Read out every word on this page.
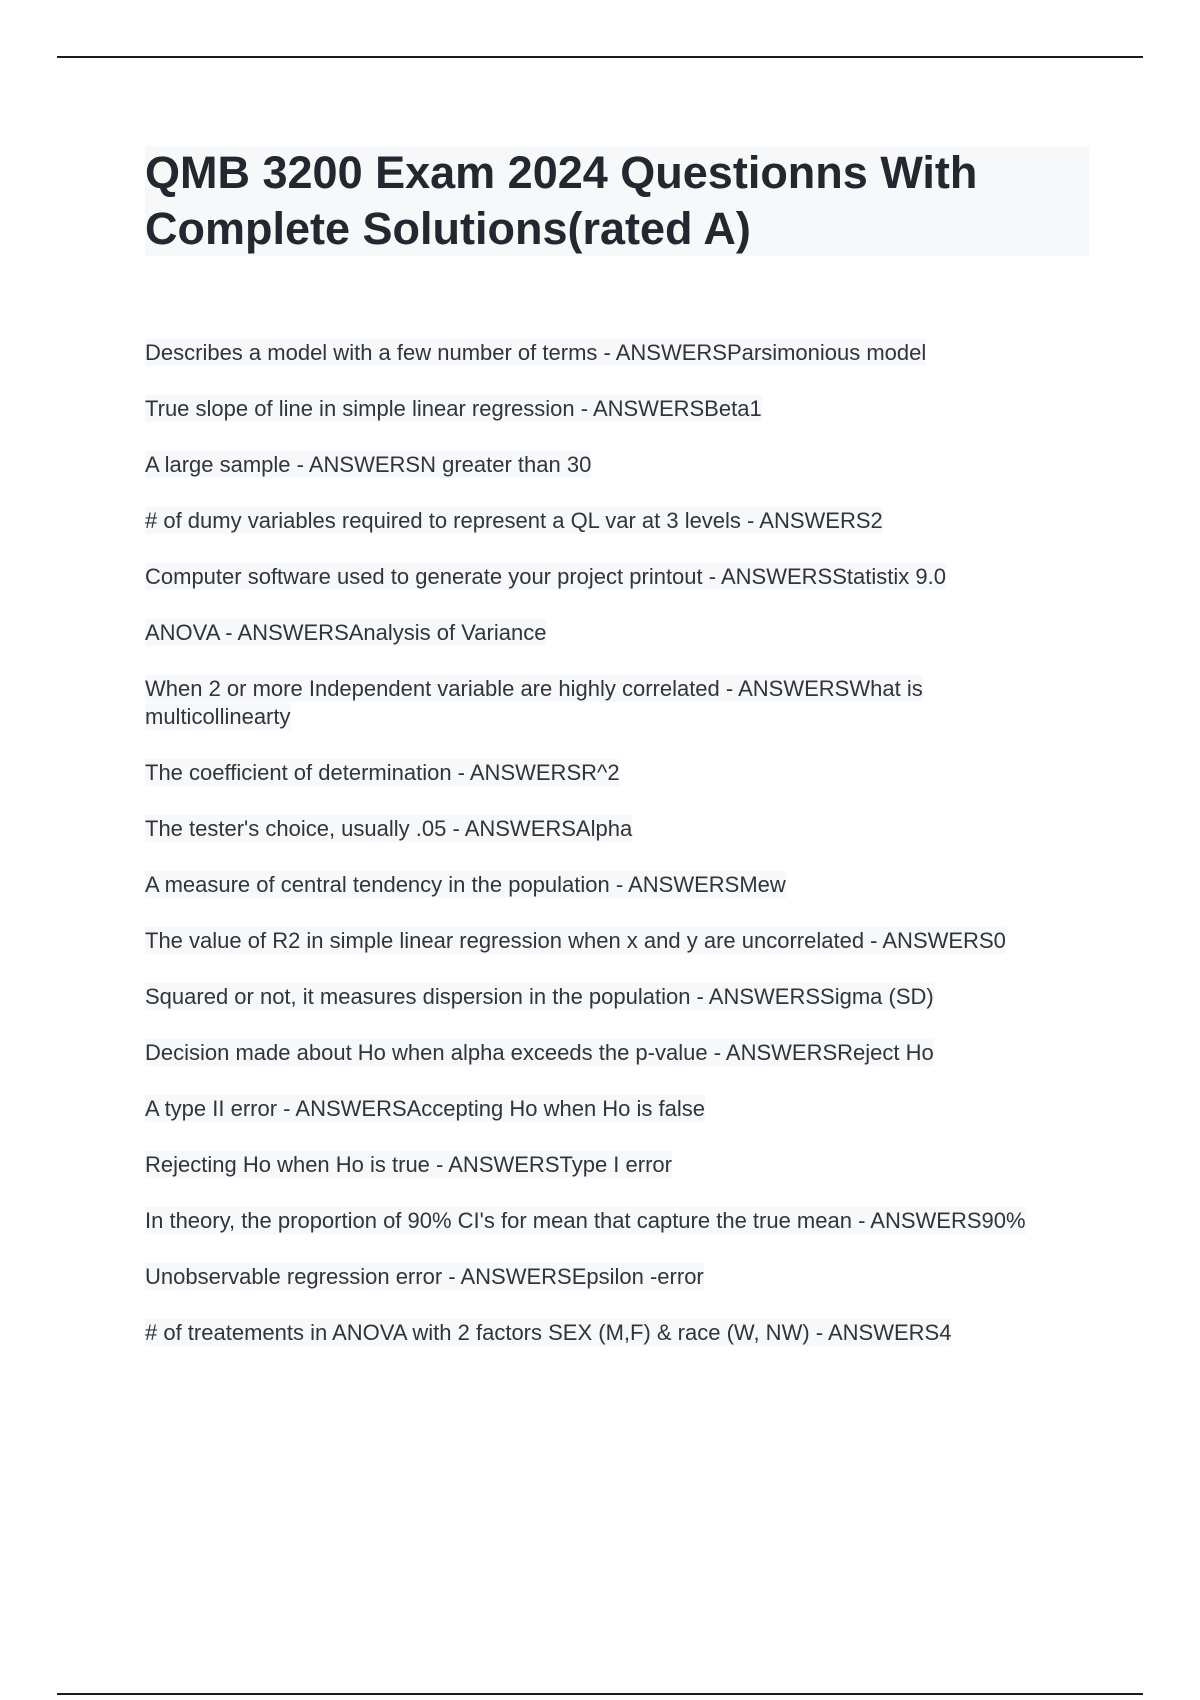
QMB 3200 Exam 2024 Questionns With Complete Solutions(rated A)
Describes a model with a few number of terms - ANSWERSParsimonious model
True slope of line in simple linear regression - ANSWERSBeta1
A large sample - ANSWERSN greater than 30
# of dumy variables required to represent a QL var at 3 levels - ANSWERS2
Computer software used to generate your project printout - ANSWERSStatistix 9.0
ANOVA - ANSWERSAnalysis of Variance
When 2 or more Independent variable are highly correlated - ANSWERSWhat is multicollinearty
The coefficient of determination - ANSWERSR^2
The tester's choice, usually .05 - ANSWERSAlpha
A measure of central tendency in the population - ANSWERSMew
The value of R2 in simple linear regression when x and y are uncorrelated - ANSWERS0
Squared or not, it measures dispersion in the population - ANSWERSSigma (SD)
Decision made about Ho when alpha exceeds the p-value - ANSWERSReject Ho
A type II error - ANSWERSAccepting Ho when Ho is false
Rejecting Ho when Ho is true - ANSWERSType I error
In theory, the proportion of 90% CI's for mean that capture the true mean - ANSWERS90%
Unobservable regression error - ANSWERSEpsilon -error
# of treatements in ANOVA with 2 factors SEX (M,F) & race (W, NW) - ANSWERS4
